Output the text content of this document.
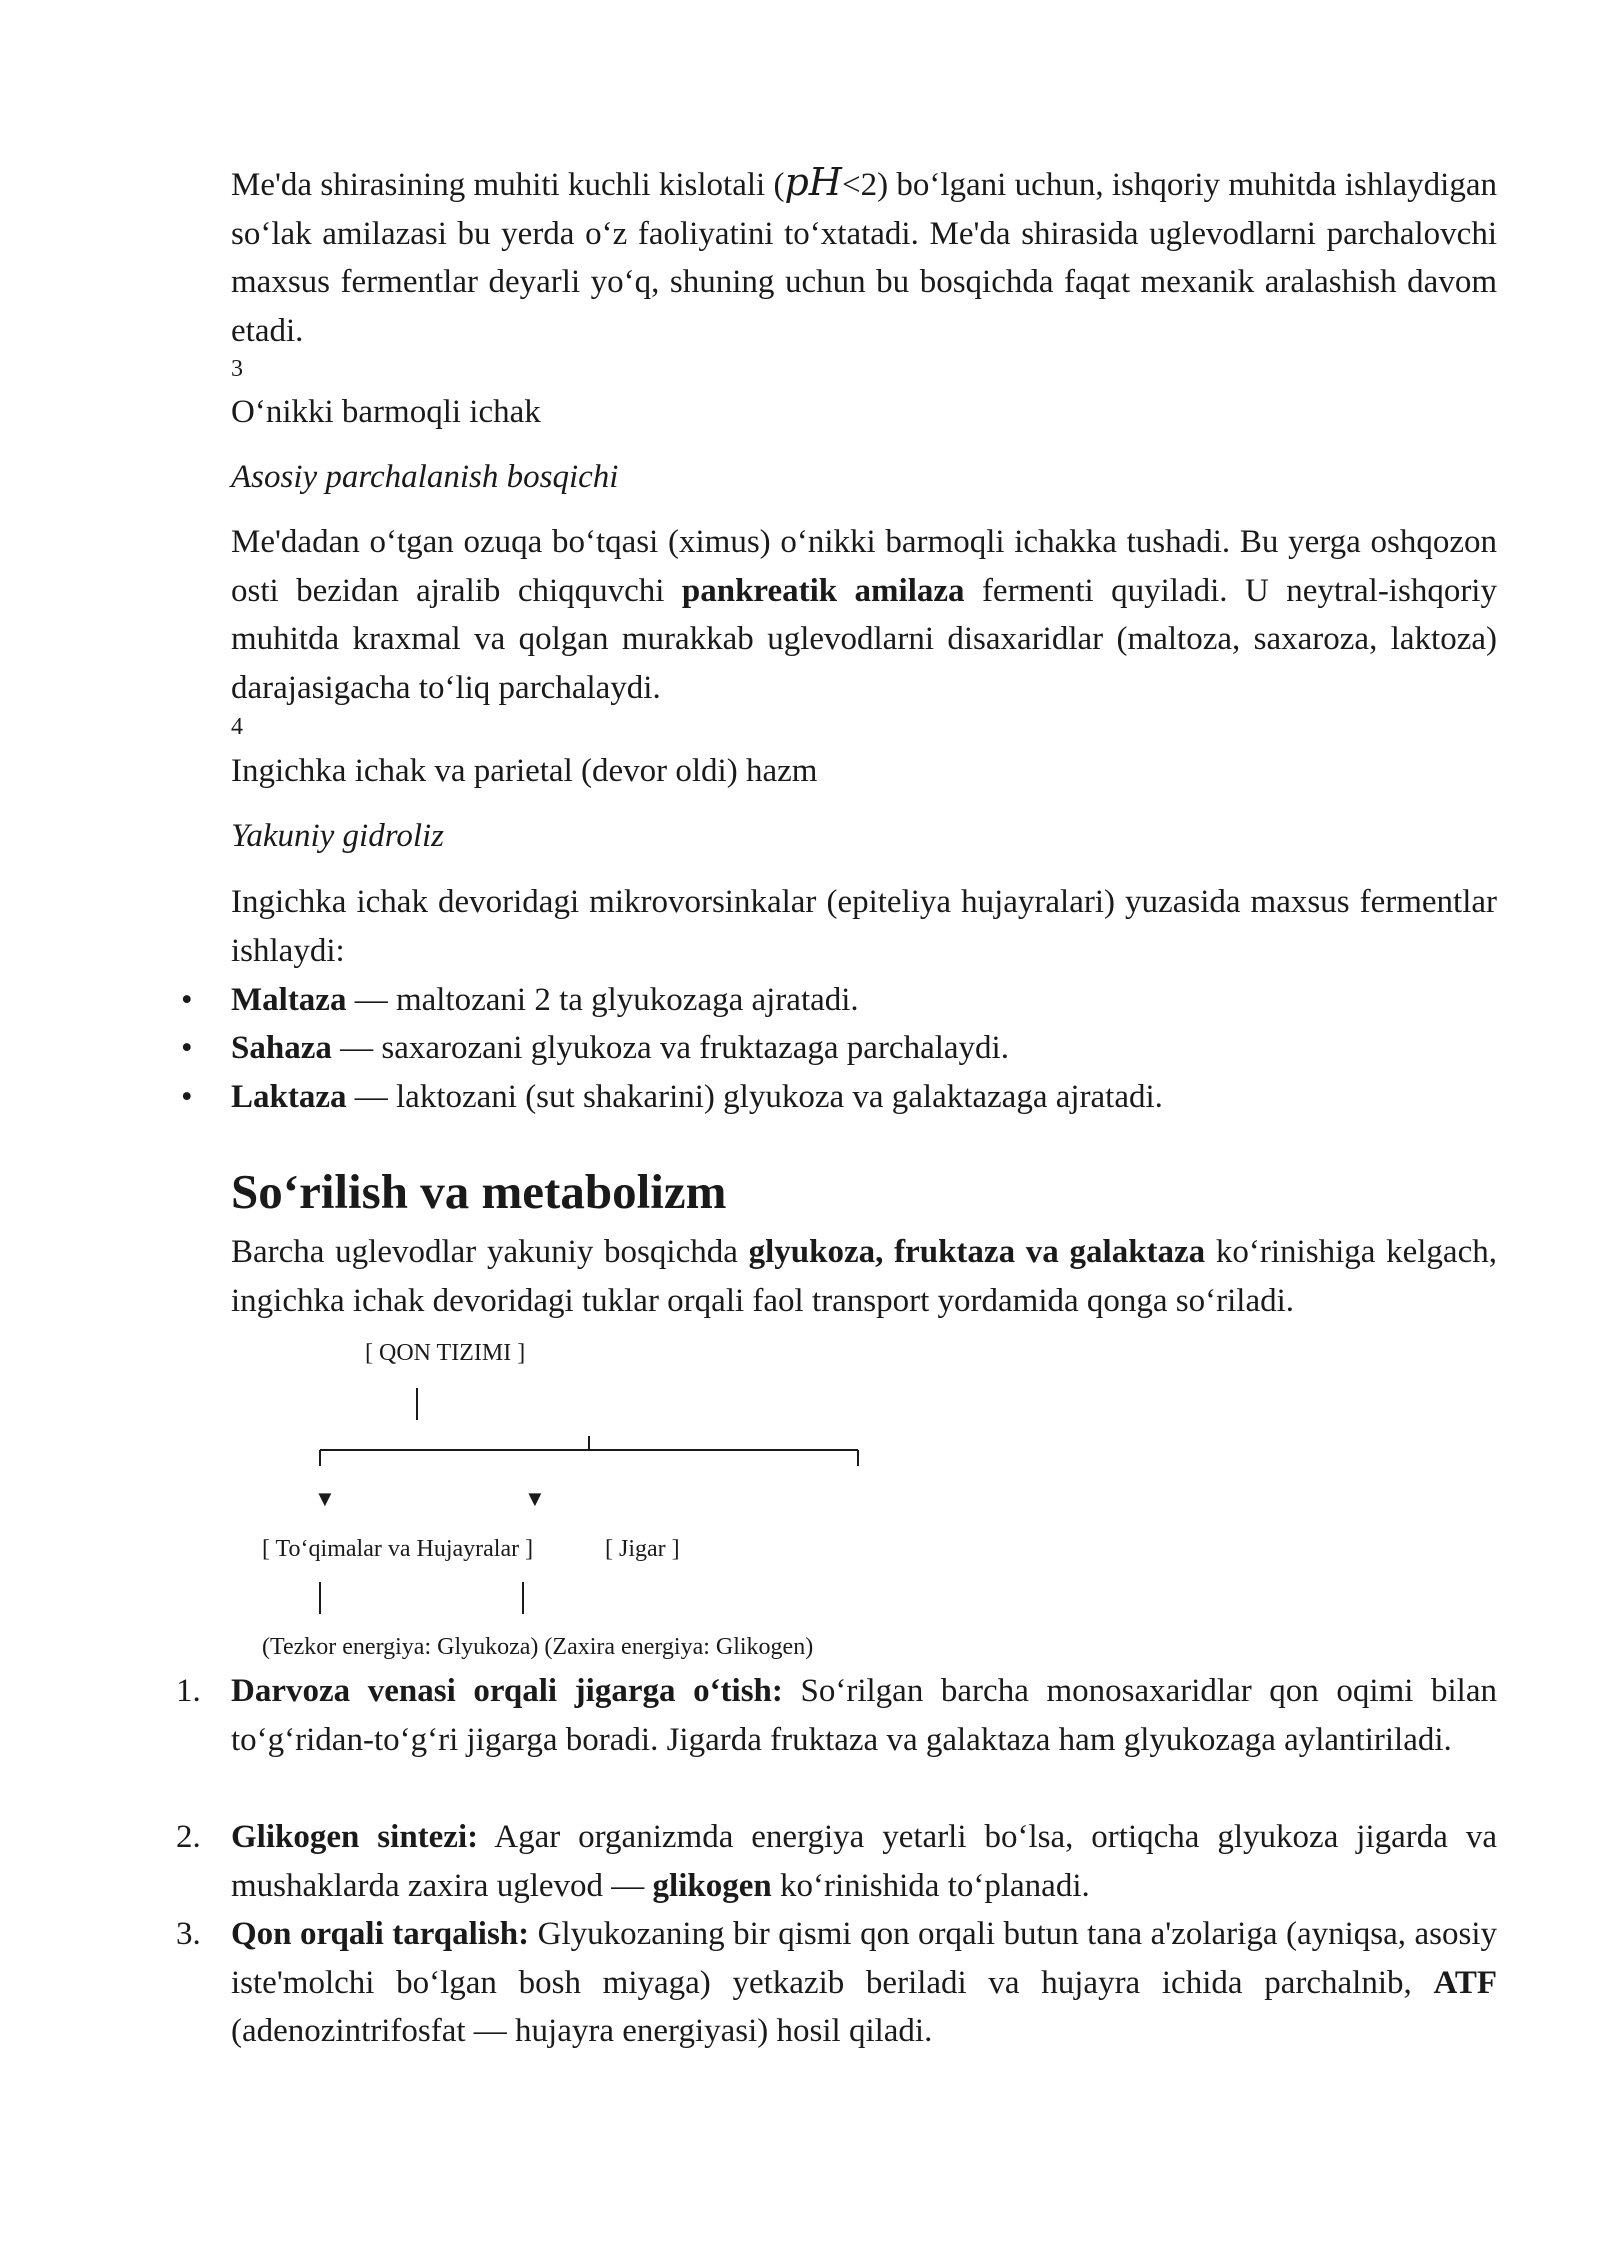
Me'da shirasining muhiti kuchli kislotali (pH<2) bo‘lgani uchun, ishqoriy muhitda ishlaydigan so‘lak amilazasi bu yerda o‘z faoliyatini to‘xtatadi. Me'da shirasida uglevodlarni parchalovchi maxsus fermentlar deyarli yo‘q, shuning uchun bu bosqichda faqat mexanik aralashish davom etadi.

3
O‘nikki barmoqli ichak
Asosiy parchalanish bosqichi

Me'dadan o‘tgan ozuqa bo‘tqasi (ximus) o‘nikki barmoqli ichakka tushadi. Bu yerga oshqozon osti bezidan ajralib chiqquvchi pankreatik amilaza fermenti quyiladi. U neytral-ishqoriy muhitda kraxmal va qolgan murakkab uglevodlarni disaxaridlar (maltoza, saxaroza, laktoza) darajasigacha to‘liq parchalaydi.

4
Ingichka ichak va parietal (devor oldi) hazm
Yakuniy gidroliz

Ingichka ichak devoridagi mikrovorsinkalar (epiteliya hujayralari) yuzasida maxsus fermentlar ishlaydi:

• Maltaza — maltozani 2 ta glyukozaga ajratadi.
• Sahaza — saxarozani glyukoza va fruktazaga parchalaydi.
• Laktaza — laktozani (sut shakarini) glyukoza va galaktazaga ajratadi.
So‘rilish va metabolizm

Barcha uglevodlar yakuniy bosqichda glyukoza, fruktaza va galaktaza ko‘rinishiga kelgach, ingichka ichak devoridagi tuklar orqali faol transport yordamida qonga so‘riladi.

[ QON TIZIMI ]
▼	▼
[ To‘qimalar va Hujayralar ]	[ Jigar ]
(Tezkor energiya: Glyukoza) (Zaxira energiya: Glikogen)
1. Darvoza venasi orqali jigarga o‘tish: So‘rilgan barcha monosaxaridlar qon oqimi bilan to‘g‘ridan-to‘g‘ri jigarga boradi. Jigarda fruktaza va galaktaza ham glyukozaga aylantiriladi.
2. Glikogen sintezi: Agar organizmda energiya yetarli bo‘lsa, ortiqcha glyukoza jigarda va mushaklarda zaxira uglevod — glikogen ko‘rinishida to‘planadi.
3. Qon orqali tarqalish: Glyukozaning bir qismi qon orqali butun tana a'zolariga (ayniqsa, asosiy iste'molchi bo‘lgan bosh miyaga) yetkazib beriladi va hujayra ichida parchalnib, ATF (adenozintrifosfat — hujayra energiyasi) hosil qiladi.
